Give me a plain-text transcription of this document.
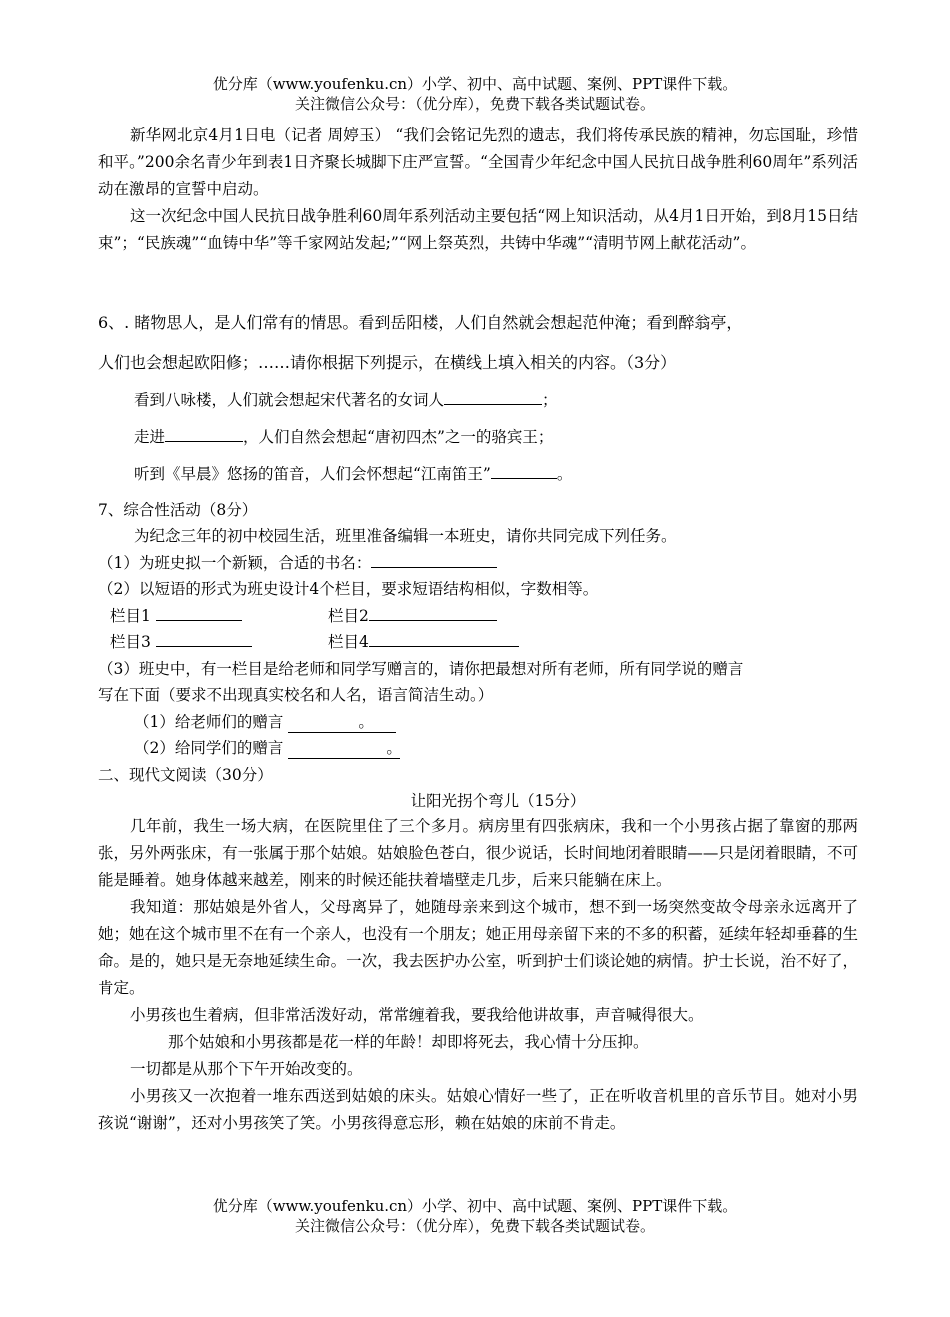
优分库（www.youfenku.cn）小学、初中、高中试题、案例、PPT课件下载。
关注微信公众号：（优分库），免费下载各类试题试卷。

新华网北京4月1日电（记者 周婷玉） “我们会铭记先烈的遗志，我们将传承民族的精神，勿忘国耻，珍惜和平。”200余名青少年到表1日齐聚长城脚下庄严宣誓。“全国青少年纪念中国人民抗日战争胜利60周年”系列活动在激昂的宣誓中启动。

这一次纪念中国人民抗日战争胜利60周年系列活动主要包括“网上知识活动，从4月1日开始，到8月15日结束”；“民族魂”“血铸中华”等千家网站发起;”“网上祭英烈，共铸中华魂”“清明节网上献花活动”。

6、. 睹物思人，是人们常有的情思。看到岳阳楼，人们自然就会想起范仲淹；看到醉翁亭，
人们也会想起欧阳修；……请你根据下列提示，在横线上填入相关的内容。（3分）
看到八咏楼，人们就会想起宋代著名的女词人	；
走进	，人们自然会想起“唐初四杰”之一的骆宾王；
听到《早晨》悠扬的笛音，人们会怀想起“江南笛王”	。
7、综合性活动（8分）
为纪念三年的初中校园生活，班里准备编辑一本班史，请你共同完成下列任务。
（1）为班史拟一个新颖，合适的书名：
（2）以短语的形式为班史设计4个栏目，要求短语结构相似，字数相等。
栏目1	栏目2
栏目3	栏目4
（3）班史中，有一栏目是给老师和同学写赠言的，请你把最想对所有老师，所有同学说的赠言
写在下面（要求不出现真实校名和人名，语言简洁生动。）
（1）给老师们的赠言	。
（2）给同学们的赠言	。
二、现代文阅读（30分）
让阳光拐个弯儿（15分）

几年前，我生一场大病，在医院里住了三个多月。病房里有四张病床，我和一个小男孩占据了靠窗的那两张，另外两张床，有一张属于那个姑娘。姑娘脸色苍白，很少说话，长时间地闭着眼睛——只是闭着眼睛，不可能是睡着。她身体越来越差，刚来的时候还能扶着墙壁走几步，后来只能躺在床上。

我知道：那姑娘是外省人，父母离异了，她随母亲来到这个城市，想不到一场突然变故令母亲永远离开了她；她在这个城市里不在有一个亲人，也没有一个朋友；她正用母亲留下来的不多的积蓄，延续年轻却垂暮的生命。是的，她只是无奈地延续生命。一次，我去医护办公室，听到护士们谈论她的病情。护士长说，治不好了，肯定。

小男孩也生着病，但非常活泼好动，常常缠着我，要我给他讲故事，声音喊得很大。

那个姑娘和小男孩都是花一样的年龄！却即将死去，我心情十分压抑。

一切都是从那个下午开始改变的。

小男孩又一次抱着一堆东西送到姑娘的床头。姑娘心情好一些了，正在听收音机里的音乐节目。她对小男孩说“谢谢”，还对小男孩笑了笑。小男孩得意忘形，赖在姑娘的床前不肯走。

优分库（www.youfenku.cn）小学、初中、高中试题、案例、PPT课件下载。
关注微信公众号：（优分库），免费下载各类试题试卷。
